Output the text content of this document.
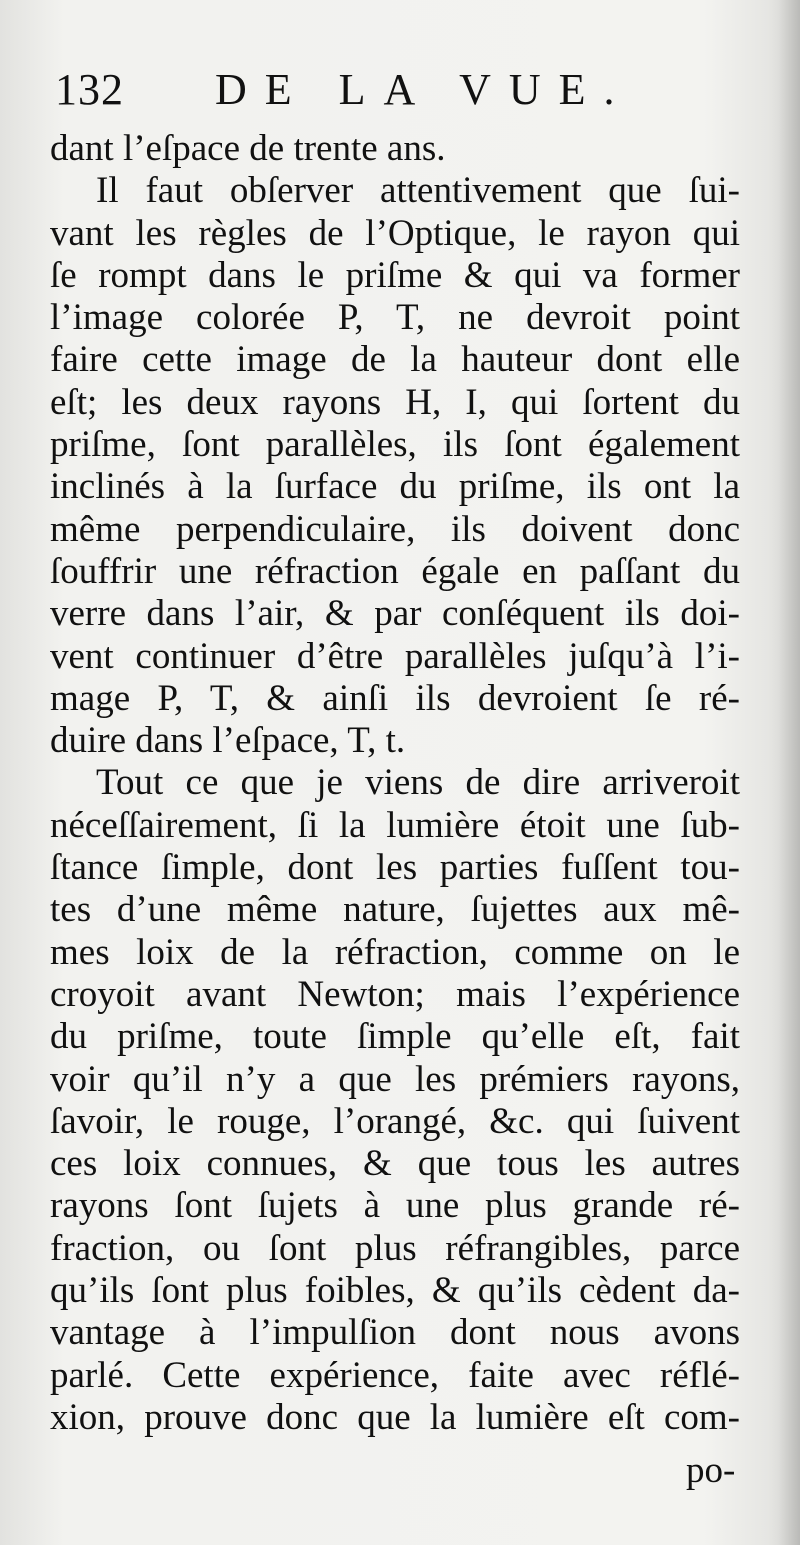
132 DE LA VUE.
dant l’eſpace de trente ans.
Il faut obſerver attentivement que ſui-
vant les règles de l’Optique, le rayon qui
ſe rompt dans le priſme & qui va former
l’image colorée P, T, ne devroit point
faire cette image de la hauteur dont elle
eſt; les deux rayons H, I, qui ſortent du
priſme, ſont parallèles, ils ſont également
inclinés à la ſurface du priſme, ils ont la
même perpendiculaire, ils doivent donc
ſouffrir une réfraction égale en paſſant du
verre dans l’air, & par conſéquent ils doi-
vent continuer d’être parallèles juſqu’à l’i-
mage P, T, & ainſi ils devroient ſe ré-
duire dans l’eſpace, T, t.
Tout ce que je viens de dire arriveroit
néceſſairement, ſi la lumière étoit une ſub-
ſtance ſimple, dont les parties fuſſent tou-
tes d’une même nature, ſujettes aux mê-
mes loix de la réfraction, comme on le
croyoit avant Newton; mais l’expérience
du priſme, toute ſimple qu’elle eſt, fait
voir qu’il n’y a que les prémiers rayons,
ſavoir, le rouge, l’orangé, &c. qui ſuivent
ces loix connues, & que tous les autres
rayons ſont ſujets à une plus grande ré-
fraction, ou ſont plus réfrangibles, parce
qu’ils ſont plus foibles, & qu’ils cèdent da-
vantage à l’impulſion dont nous avons
parlé. Cette expérience, faite avec réflé-
xion, prouve donc que la lumière eſt com-
po-
